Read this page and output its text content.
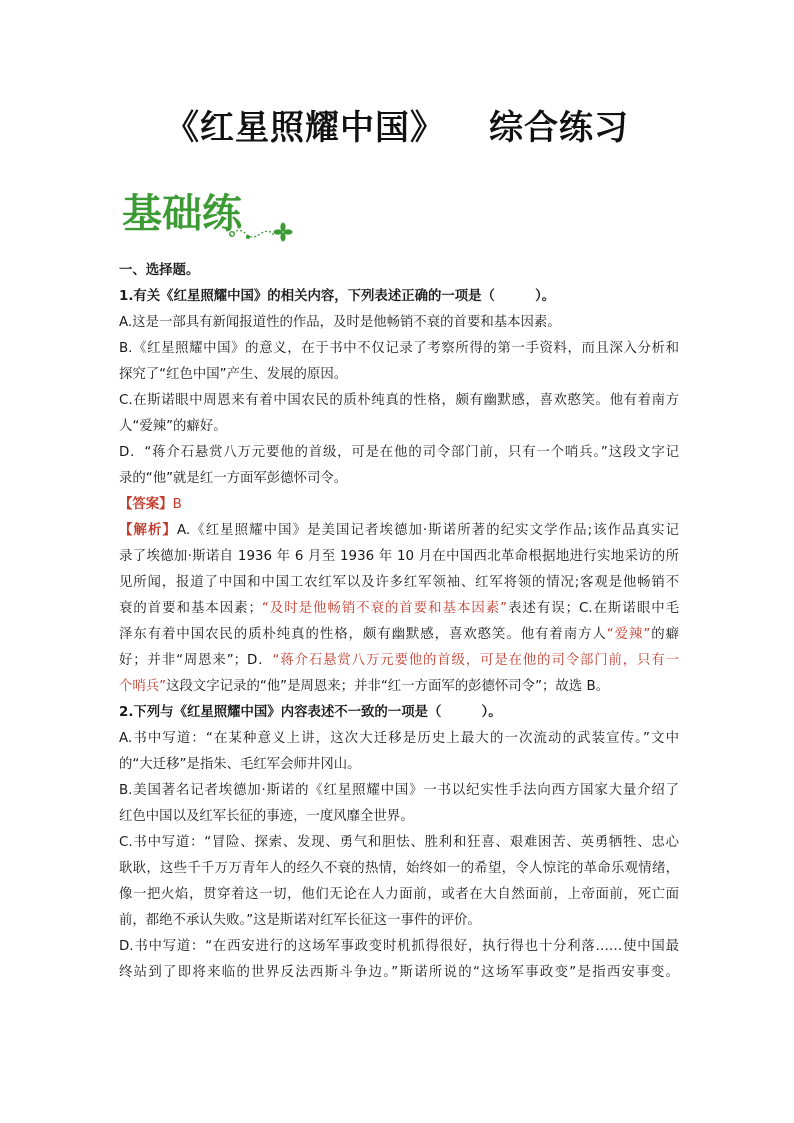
《红星照耀中国》 综合练习
基础练

一、选择题。

1.有关《红星照耀中国》的相关内容，下列表述正确的一项是（　　　）。

A.这是一部具有新闻报道性的作品，及时是他畅销不衰的首要和基本因素。

B.《红星照耀中国》的意义，在于书中不仅记录了考察所得的第一手资料，而且深入分析和

探究了“红色中国”产生、发展的原因。

C.在斯诺眼中周恩来有着中国农民的质朴纯真的性格，颇有幽默感，喜欢憨笑。他有着南方

人“爱辣”的癖好。

D．“蒋介石悬赏八万元要他的首级，可是在他的司令部门前，只有一个哨兵。”这段文字记

录的“他”就是红一方面军彭德怀司令。

【答案】B

【解析】A.《红星照耀中国》是美国记者埃德加·斯诺所著的纪实文学作品;该作品真实记

录了埃德加·斯诺自 1936 年 6 月至 1936 年 10 月在中国西北革命根据地进行实地采访的所

见所闻，报道了中国和中国工农红军以及许多红军领袖、红军将领的情况;客观是他畅销不

衰的首要和基本因素；“及时是他畅销不衰的首要和基本因素”表述有误；C.在斯诺眼中毛

泽东有着中国农民的质朴纯真的性格，颇有幽默感，喜欢憨笑。他有着南方人“爱辣”的癖

好；并非“周恩来”；D．“蒋介石悬赏八万元要他的首级，可是在他的司令部门前，只有一

个哨兵”这段文字记录的“他”是周恩来；并非“红一方面军的彭德怀司令”；故选 B。

2.下列与《红星照耀中国》内容表述不一致的一项是（　　　）。

A.书中写道：“在某种意义上讲，这次大迁移是历史上最大的一次流动的武装宣传。”文中

的“大迁移”是指朱、毛红军会师井冈山。

B.美国著名记者埃德加·斯诺的《红星照耀中国》一书以纪实性手法向西方国家大量介绍了

红色中国以及红军长征的事迹，一度风靡全世界。

C.书中写道：“冒险、探索、发现、勇气和胆怯、胜利和狂喜、艰难困苦、英勇牺牲、忠心

耿耿，这些千千万万青年人的经久不衰的热情，始终如一的希望，令人惊诧的革命乐观情绪，

像一把火焰，贯穿着这一切，他们无论在人力面前，或者在大自然面前，上帝面前，死亡面

前，都绝不承认失败。”这是斯诺对红军长征这一事件的评价。

D.书中写道：“在西安进行的这场军事政变时机抓得很好，执行得也十分利落……使中国最

终站到了即将来临的世界反法西斯斗争边。”斯诺所说的“这场军事政变”是指西安事变。
